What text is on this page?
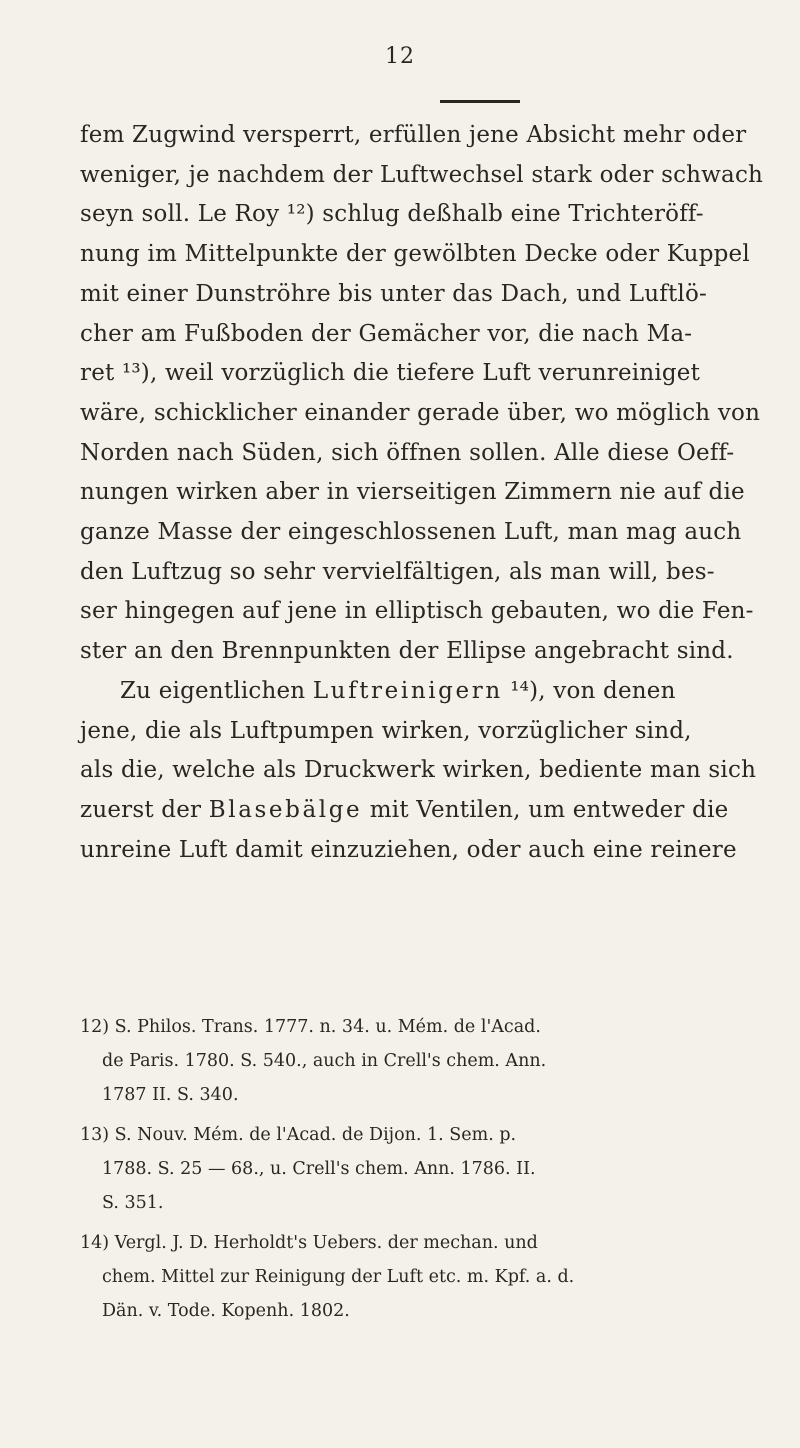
12
fem Zugwind versperrt, erfüllen jene Absicht mehr oder
weniger, je nachdem der Luftwechsel stark oder schwach
seyn soll. Le Roy ¹²) schlug deßhalb eine Trichteröff-
nung im Mittelpunkte der gewölbten Decke oder Kuppel
mit einer Dunströhre bis unter das Dach, und Luftlö-
cher am Fußboden der Gemächer vor, die nach Ma-
ret ¹³), weil vorzüglich die tiefere Luft verunreiniget
wäre, schicklicher einander gerade über, wo möglich von
Norden nach Süden, sich öffnen sollen. Alle diese Oeff-
nungen wirken aber in vierseitigen Zimmern nie auf die
ganze Masse der eingeschlossenen Luft, man mag auch
den Luftzug so sehr vervielfältigen, als man will, bes-
ser hingegen auf jene in elliptisch gebauten, wo die Fen-
ster an den Brennpunkten der Ellipse angebracht sind.
Zu eigentlichen Luftreinigern ¹⁴), von denen
jene, die als Luftpumpen wirken, vorzüglicher sind,
als die, welche als Druckwerk wirken, bediente man sich
zuerst der Blasebälge mit Ventilen, um entweder die
unreine Luft damit einzuziehen, oder auch eine reinere
12) S. Philos. Trans. 1777. n. 34. u. Mém. de l'Acad.
de Paris. 1780. S. 540., auch in Crell's chem. Ann.
1787 II. S. 340.
13) S. Nouv. Mém. de l'Acad. de Dijon. 1. Sem. p.
1788. S. 25 — 68., u. Crell's chem. Ann. 1786. II.
S. 351.
14) Vergl. J. D. Herholdt's Uebers. der mechan. und
chem. Mittel zur Reinigung der Luft etc. m. Kpf. a. d.
Dän. v. Tode. Kopenh. 1802.
